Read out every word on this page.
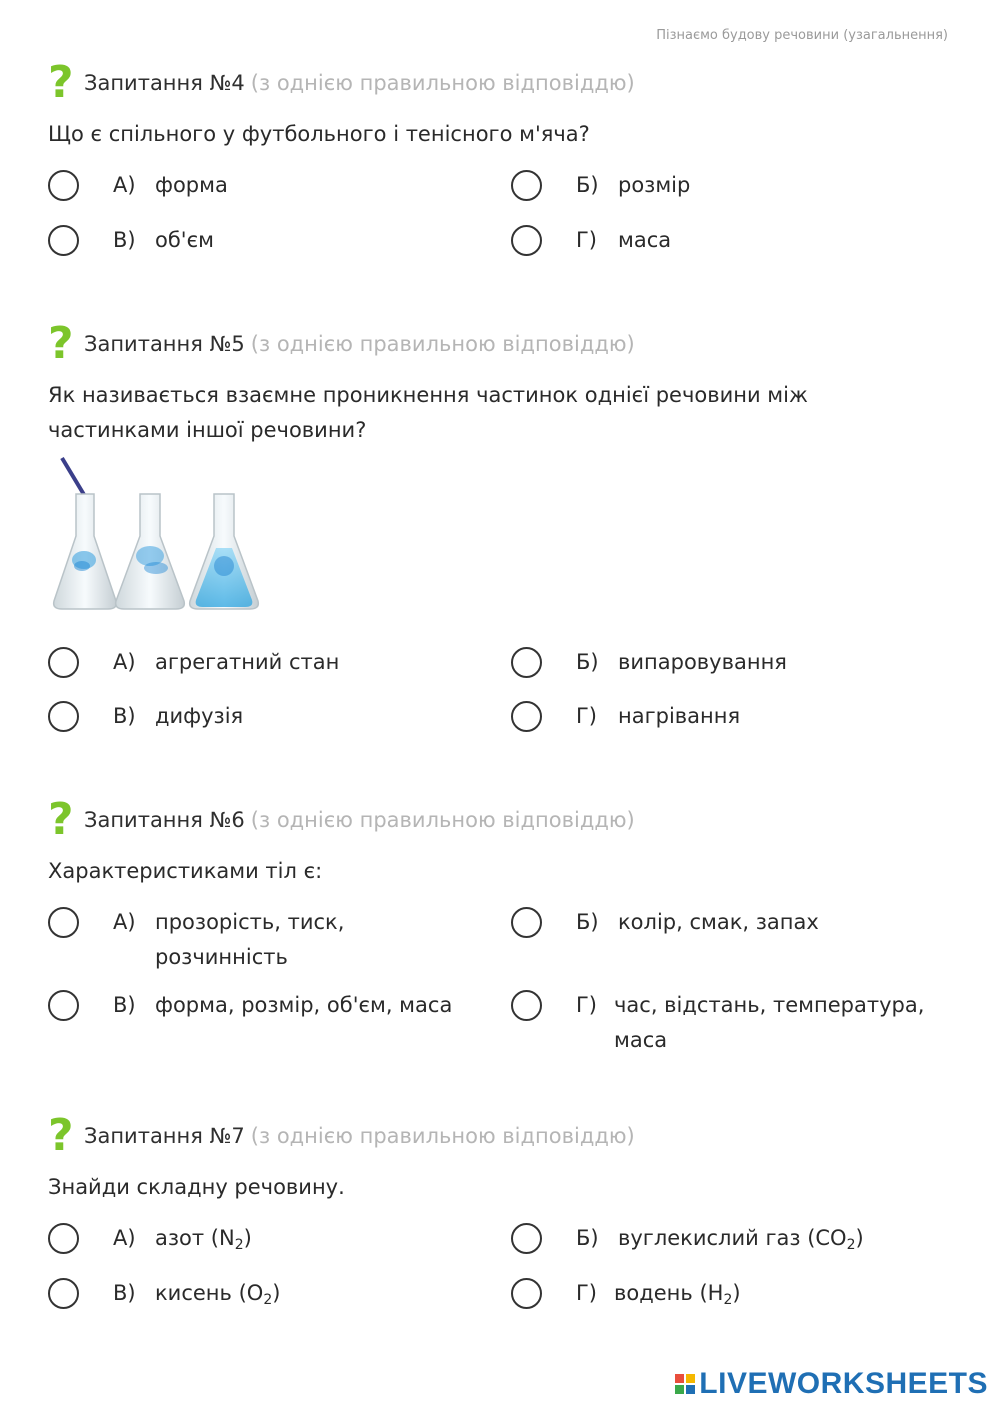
Пізнаємо будову речовини (узагальнення)
? Запитання №4 (з однією правильною відповіддю)
Що є спільного у футбольного і тенісного м'яча?
А) форма	Б) розмір
В) об'єм	Г)	маса
? Запитання №5 (з однією правильною відповіддю)
Як називається взаємне проникнення частинок однієї речовини між
частинками іншої речовини?
А) агрегатний стан	Б) випаровування
В) дифузія	Г)	нагрівання
? Запитання №6 (з однією правильною відповіддю)
Характеристиками тіл є:
А) прозорість, тиск,
розчинність
Б) колір, смак, запах
В) форма, розмір, об'єм, маса	Г) час, відстань, температура,
маса
? Запитання №7 (з однією правильною відповіддю)
Знайди складну речовину.
А) азот $(N_2)$	Б) вуглекислий газ $(CO_2)$
В) кисень $(O_2)$	Г) водень $(H_2)$
LIVEWORKSHEETS
